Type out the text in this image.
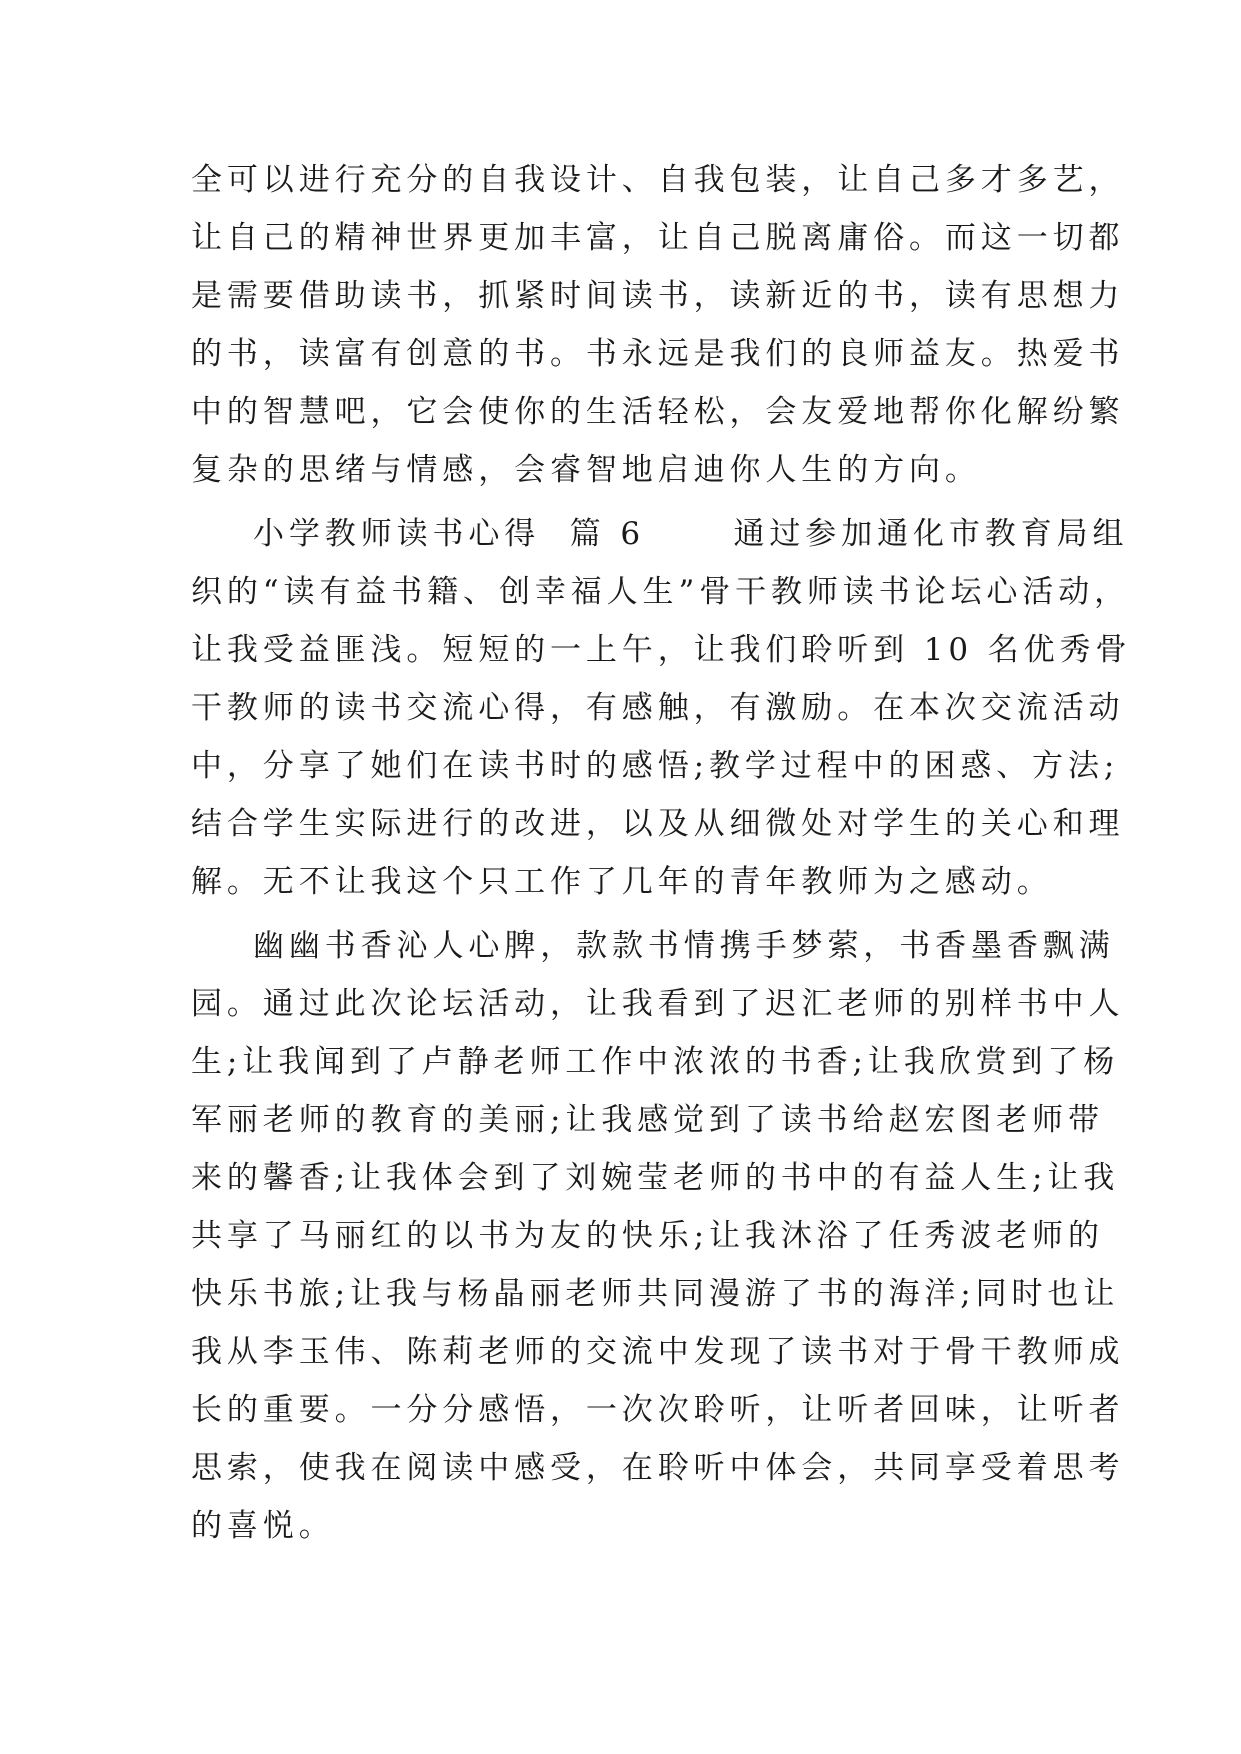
全可以进行充分的自我设计、自我包装，让自己多才多艺，
让自己的精神世界更加丰富，让自己脱离庸俗。而这一切都
是需要借助读书，抓紧时间读书，读新近的书，读有思想力
的书，读富有创意的书。书永远是我们的良师益友。热爱书
中的智慧吧，它会使你的生活轻松，会友爱地帮你化解纷繁
复杂的思绪与情感，会睿智地启迪你人生的方向。
小学教师读书心得  篇 6      通过参加通化市教育局组
织的“读有益书籍、创幸福人生”骨干教师读书论坛心活动，
让我受益匪浅。短短的一上午，让我们聆听到 10 名优秀骨
干教师的读书交流心得，有感触，有激励。在本次交流活动
中，分享了她们在读书时的感悟;教学过程中的困惑、方法;
结合学生实际进行的改进，以及从细微处对学生的关心和理
解。无不让我这个只工作了几年的青年教师为之感动。
幽幽书香沁人心脾，款款书情携手梦萦，书香墨香飘满
园。通过此次论坛活动，让我看到了迟汇老师的别样书中人
生;让我闻到了卢静老师工作中浓浓的书香;让我欣赏到了杨
军丽老师的教育的美丽;让我感觉到了读书给赵宏图老师带
来的馨香;让我体会到了刘婉莹老师的书中的有益人生;让我
共享了马丽红的以书为友的快乐;让我沐浴了任秀波老师的
快乐书旅;让我与杨晶丽老师共同漫游了书的海洋;同时也让
我从李玉伟、陈莉老师的交流中发现了读书对于骨干教师成
长的重要。一分分感悟，一次次聆听，让听者回味，让听者
思索，使我在阅读中感受，在聆听中体会，共同享受着思考
的喜悦。
